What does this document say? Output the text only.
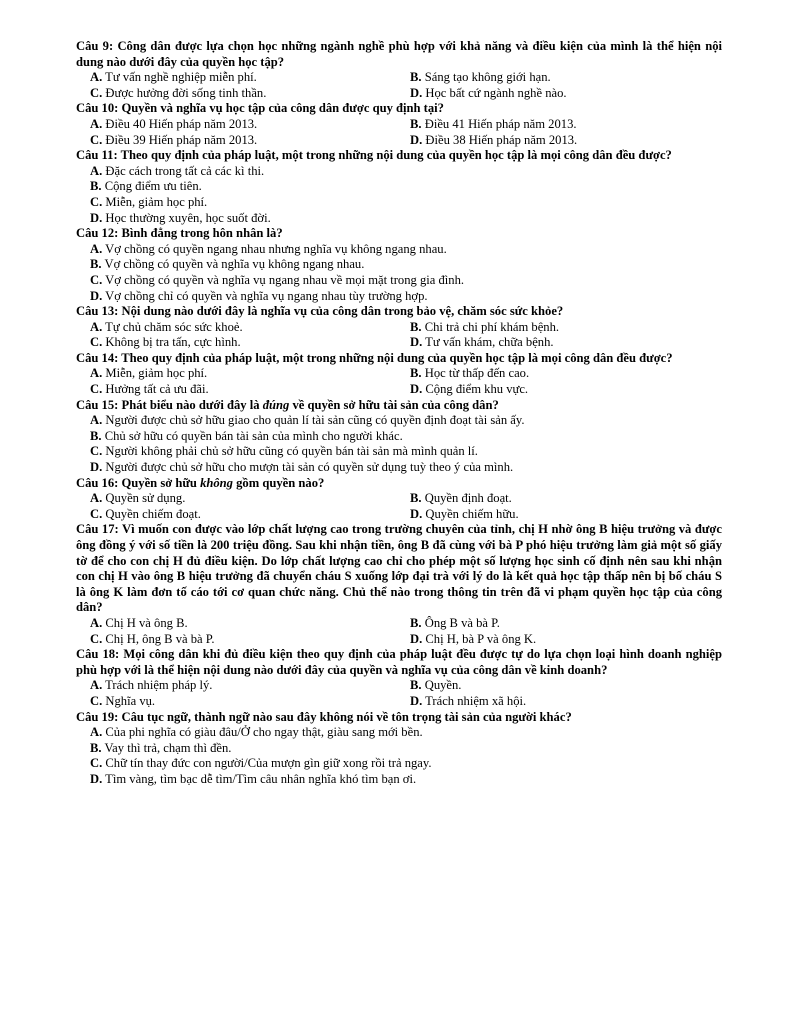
Câu 9: Công dân được lựa chọn học những ngành nghề phù hợp với khả năng và điều kiện của mình là thể hiện nội dung nào dưới đây của quyền học tập?

A. Tư vấn nghề nghiệp miễn phí.	B. Sáng tạo không giới hạn.
C. Được hưởng đời sống tinh thần.	D. Học bất cứ ngành nghề nào.

Câu 10: Quyền và nghĩa vụ học tập của công dân được quy định tại?

A. Điều 40 Hiến pháp năm 2013.	B. Điều 41 Hiến pháp năm 2013.
C. Điều 39 Hiến pháp năm 2013.	D. Điều 38 Hiến pháp năm 2013.

Câu 11: Theo quy định của pháp luật, một trong những nội dung của quyền học tập là mọi công dân đều được?

A. Đặc cách trong tất cả các kì thi.
B. Cộng điểm ưu tiên.
C. Miễn, giảm học phí.
D. Học thường xuyên, học suốt đời.

Câu 12: Bình đẳng trong hôn nhân là?

A. Vợ chồng có quyền ngang nhau nhưng nghĩa vụ không ngang nhau.
B. Vợ chồng có quyền và nghĩa vụ không ngang nhau.
C. Vợ chồng có quyền và nghĩa vụ ngang nhau về mọi mặt trong gia đình.
D. Vợ chồng chỉ có quyền và nghĩa vụ ngang nhau tùy trường hợp.

Câu 13: Nội dung nào dưới đây là nghĩa vụ của công dân trong bảo vệ, chăm sóc sức khỏe?

A. Tự chủ chăm sóc sức khoẻ.	B. Chi trả chi phí khám bệnh.
C. Không bị tra tấn, cực hình.	D. Tư vấn khám, chữa bệnh.

Câu 14: Theo quy định của pháp luật, một trong những nội dung của quyền học tập là mọi công dân đều được?

A. Miễn, giảm học phí.	B. Học từ thấp đến cao.
C. Hưởng tất cả ưu đãi.	D. Cộng điểm khu vực.

Câu 15: Phát biểu nào dưới đây là đúng về quyền sở hữu tài sản của công dân?

A. Người được chủ sở hữu giao cho quản lí tài sản cũng có quyền định đoạt tài sản ấy.
B. Chủ sở hữu có quyền bán tài sản của mình cho người khác.
C. Người không phải chủ sở hữu cũng có quyền bán tài sản mà mình quản lí.
D. Người được chủ sở hữu cho mượn tài sản có quyền sử dụng tuỳ theo ý của mình.

Câu 16: Quyền sở hữu không gồm quyền nào?

A. Quyền sử dụng.	B. Quyền định đoạt.
C. Quyền chiếm đoạt.	D. Quyền chiếm hữu.

Câu 17: Vì muốn con được vào lớp chất lượng cao trong trường chuyên của tỉnh, chị H nhờ ông B hiệu trưởng và được ông đồng ý với số tiền là 200 triệu đồng. Sau khi nhận tiền, ông B đã cùng với bà P phó hiệu trưởng làm giả một số giấy tờ để cho con chị H đủ điều kiện. Do lớp chất lượng cao chỉ cho phép một số lượng học sinh cố định nên sau khi nhận con chị H vào ông B hiệu trưởng đã chuyển cháu S xuống lớp đại trà với lý do là kết quả học tập thấp nên bị bố cháu S là ông K làm đơn tố cáo tới cơ quan chức năng. Chủ thể nào trong thông tin trên đã vi phạm quyền học tập của công dân?

A. Chị H và ông B.	B. Ông B và bà P.
C. Chị H, ông B và bà P.	D. Chị H, bà P và ông K.

Câu 18: Mọi công dân khi đủ điều kiện theo quy định của pháp luật đều được tự do lựa chọn loại hình doanh nghiệp phù hợp với là thể hiện nội dung nào dưới đây của quyền và nghĩa vụ của công dân về kinh doanh?

A. Trách nhiệm pháp lý.	B. Quyền.
C. Nghĩa vụ.	D. Trách nhiệm xã hội.

Câu 19: Câu tục ngữ, thành ngữ nào sau đây không nói về tôn trọng tài sản của người khác?

A. Của phi nghĩa có giàu đâu/Ở cho ngay thật, giàu sang mới bền.
B. Vay thì trả, chạm thì đền.
C. Chữ tín thay đức con người/Của mượn gìn giữ xong rồi trả ngay.
D. Tìm vàng, tìm bạc dễ tìm/Tìm câu nhân nghĩa khó tìm bạn ơi.
